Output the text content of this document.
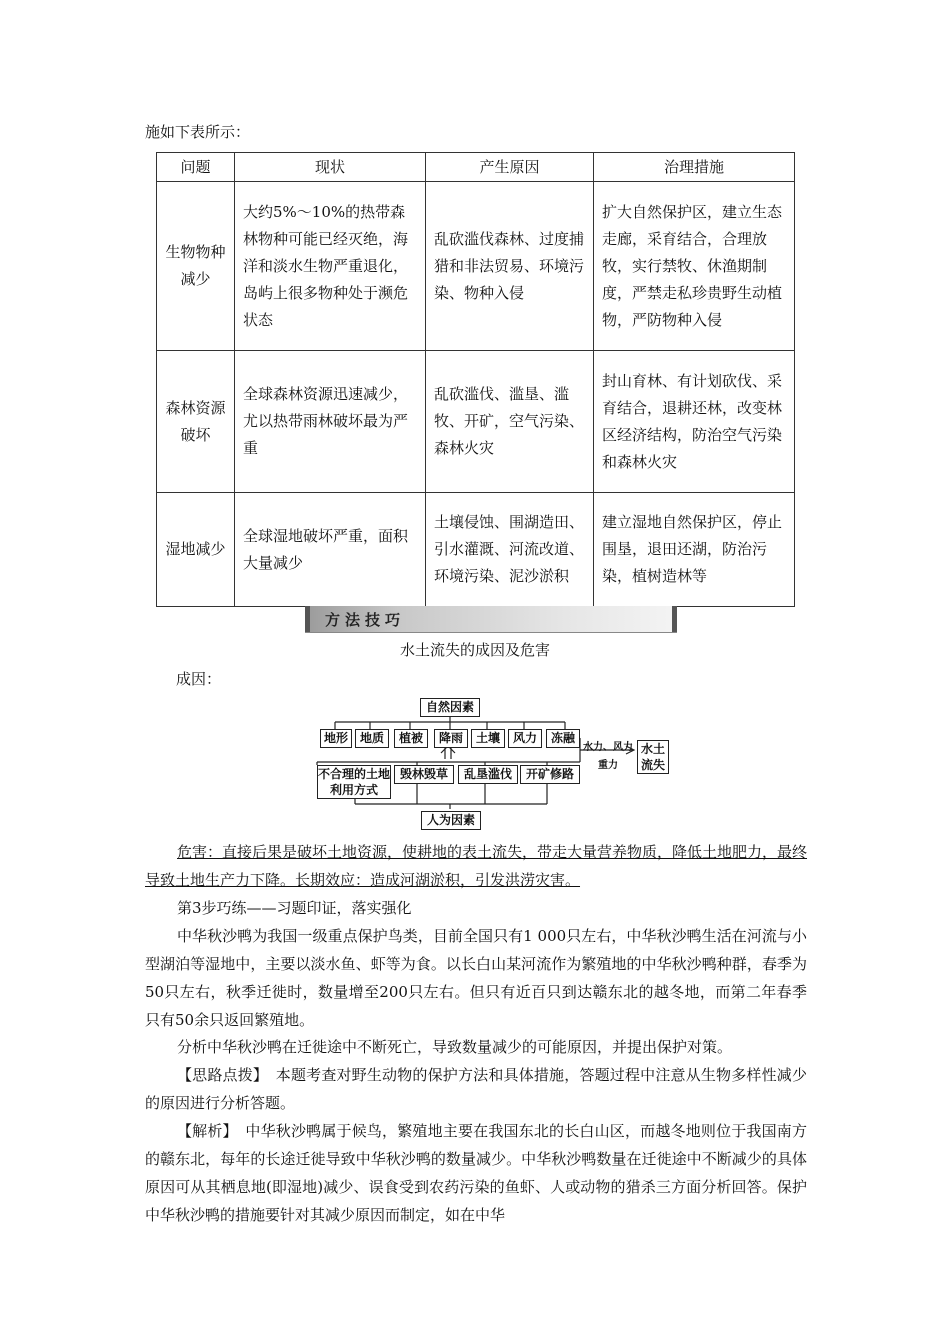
施如下表所示：
问题	现状	产生原因	治理措施
生物物种减少	大约5%～10%的热带森林物种可能已经灭绝，海洋和淡水生物严重退化，岛屿上很多物种处于濒危状态	乱砍滥伐森林、过度捕猎和非法贸易、环境污染、物种入侵	扩大自然保护区，建立生态走廊，采育结合，合理放牧，实行禁牧、休渔期制度，严禁走私珍贵野生动植物，严防物种入侵
森林资源破坏	全球森林资源迅速减少，尤以热带雨林破坏最为严重	乱砍滥伐、滥垦、滥牧、开矿，空气污染、森林火灾	封山育林、有计划砍伐、采育结合，退耕还林，改变林区经济结构，防治空气污染和森林火灾
湿地减少	全球湿地破坏严重，面积大量减少	土壤侵蚀、围湖造田、引水灌溉、河流改道、环境污染、泥沙淤积	建立湿地自然保护区，停止围垦，退田还湖，防治污染，植树造林等
方法技巧
水土流失的成因及危害
成因：
自然因素
地形 地质	植被	降雨	土壤	风力	冻融
水力、风力
重力
水土流失
不合理的土地利用方式
毁林毁草	乱垦滥伐	开矿修路
人为因素
危害：直接后果是破坏土地资源，使耕地的表土流失，带走大量营养物质，降低土地肥力，最终导致土地生产力下降。长期效应：造成河湖淤积，引发洪涝灾害。

第3步巧练——习题印证，落实强化

中华秋沙鸭为我国一级重点保护鸟类，目前全国只有1 000只左右，中华秋沙鸭生活在河流与小型湖泊等湿地中，主要以淡水鱼、虾等为食。以长白山某河流作为繁殖地的中华秋沙鸭种群，春季为50只左右，秋季迁徙时，数量增至200只左右。但只有近百只到达赣东北的越冬地，而第二年春季只有50余只返回繁殖地。

分析中华秋沙鸭在迁徙途中不断死亡，导致数量减少的可能原因，并提出保护对策。

【思路点拨】　本题考查对野生动物的保护方法和具体措施，答题过程中注意从生物多样性减少的原因进行分析答题。

【解析】　中华秋沙鸭属于候鸟，繁殖地主要在我国东北的长白山区，而越冬地则位于我国南方的赣东北，每年的长途迁徙导致中华秋沙鸭的数量减少。中华秋沙鸭数量在迁徙途中不断减少的具体原因可从其栖息地(即湿地)减少、误食受到农药污染的鱼虾、人或动物的猎杀三方面分析回答。保护中华秋沙鸭的措施要针对其减少原因而制定，如在中华
